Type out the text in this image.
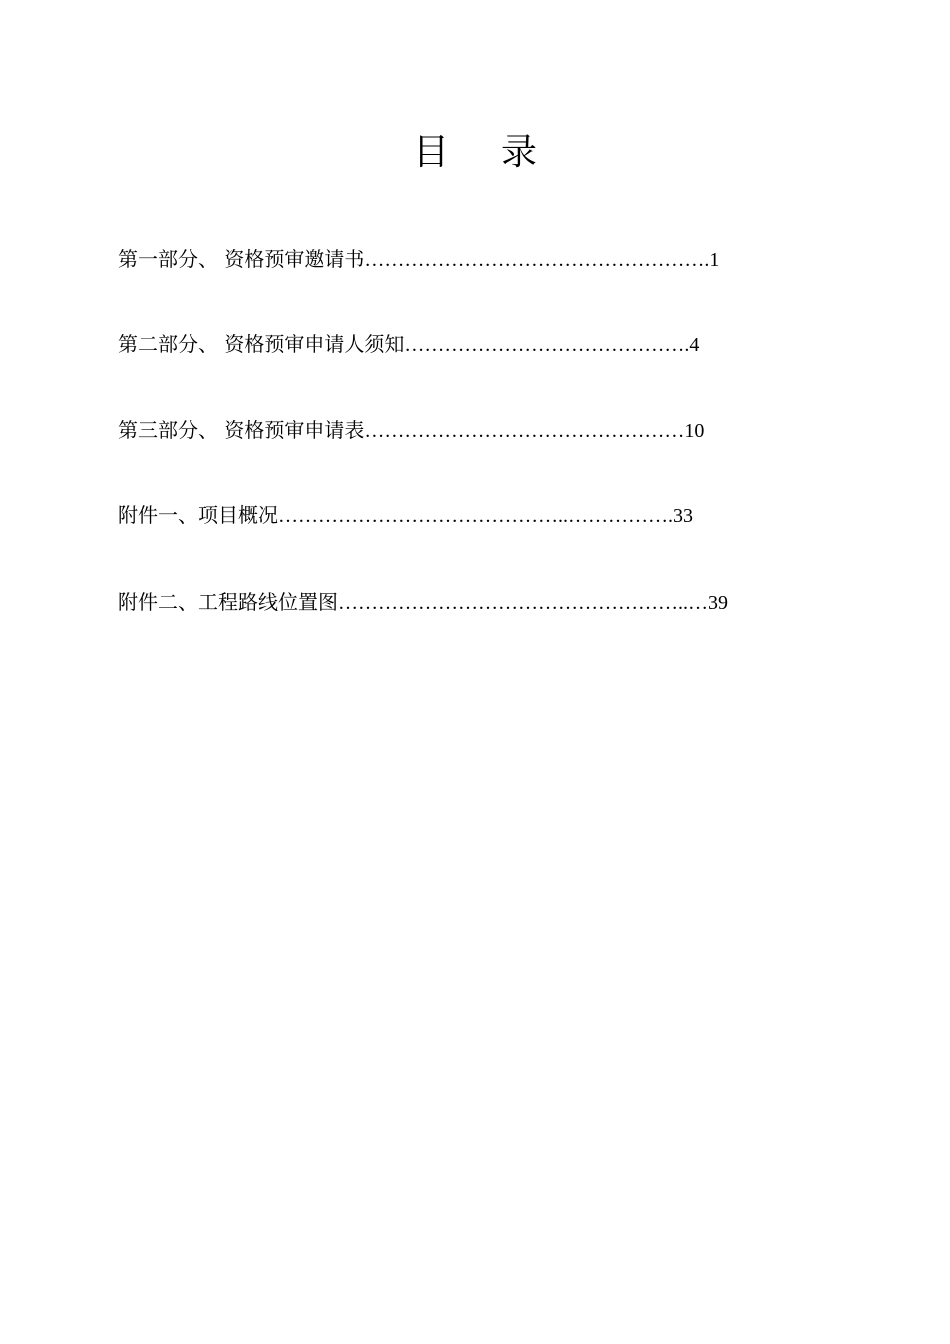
目 录
第一部分、 资格预审邀请书…………………………………………….1
第二部分、 资格预审申请人须知…………………………………….4
第三部分、 资格预审申请表…………………………………………10
附件一、项目概况……………………………………..…………….33
附件二、工程路线位置图……………………………………………..…39
